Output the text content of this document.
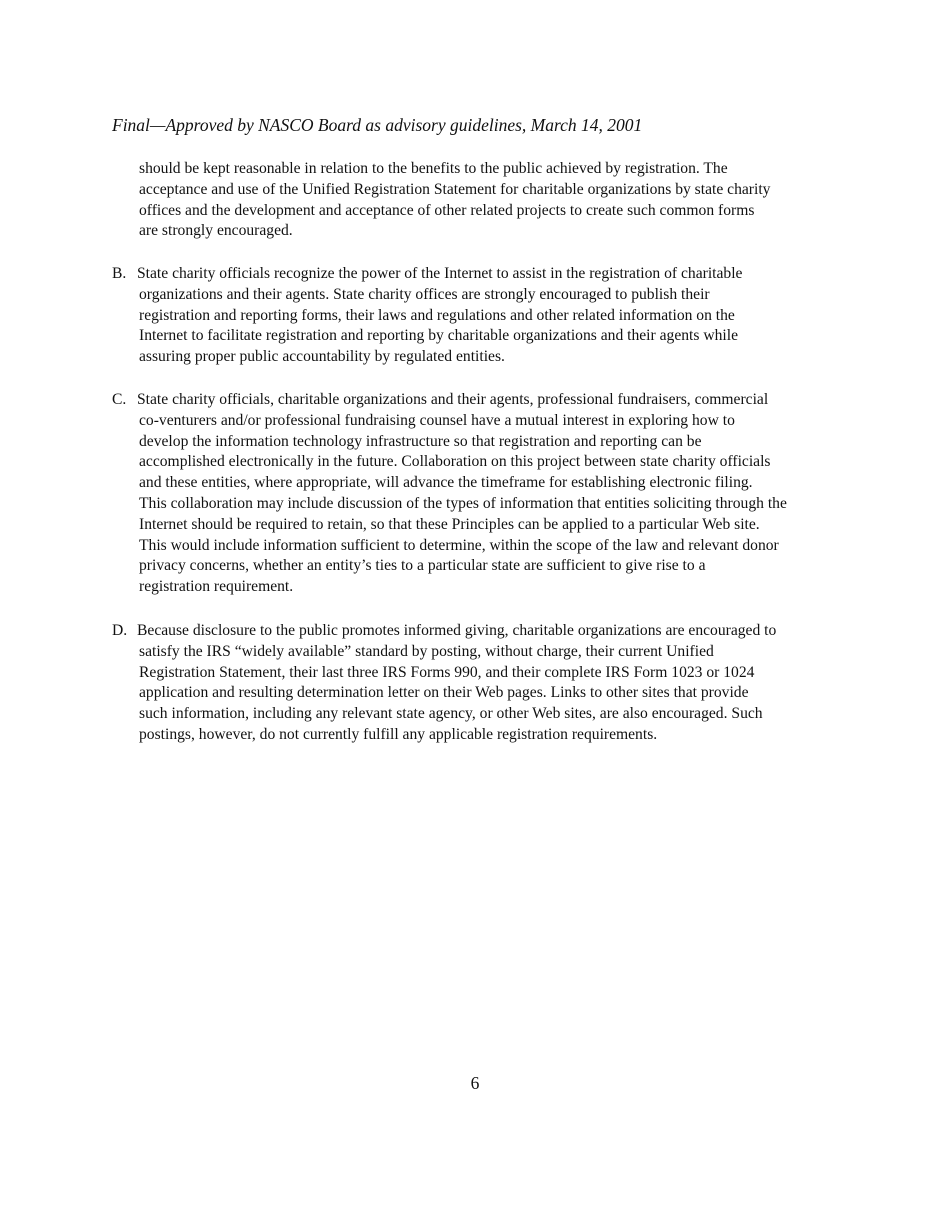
Final—Approved by NASCO Board as advisory guidelines, March 14, 2001
should be kept reasonable in relation to the benefits to the public achieved by registration. The
acceptance and use of the Unified Registration Statement for charitable organizations by state charity
offices and the development and acceptance of other related projects to create such common forms
are strongly encouraged.
B. State charity officials recognize the power of the Internet to assist in the registration of charitable
organizations and their agents. State charity offices are strongly encouraged to publish their
registration and reporting forms, their laws and regulations and other related information on the
Internet to facilitate registration and reporting by charitable organizations and their agents while
assuring proper public accountability by regulated entities.
C. State charity officials, charitable organizations and their agents, professional fundraisers, commercial
co-venturers and/or professional fundraising counsel have a mutual interest in exploring how to
develop the information technology infrastructure so that registration and reporting can be
accomplished electronically in the future. Collaboration on this project between state charity officials
and these entities, where appropriate, will advance the timeframe for establishing electronic filing.
This collaboration may include discussion of the types of information that entities soliciting through the
Internet should be required to retain, so that these Principles can be applied to a particular Web site.
This would include information sufficient to determine, within the scope of the law and relevant donor
privacy concerns, whether an entity’s ties to a particular state are sufficient to give rise to a
registration requirement.
D. Because disclosure to the public promotes informed giving, charitable organizations are encouraged to
satisfy the IRS “widely available” standard by posting, without charge, their current Unified
Registration Statement, their last three IRS Forms 990, and their complete IRS Form 1023 or 1024
application and resulting determination letter on their Web pages. Links to other sites that provide
such information, including any relevant state agency, or other Web sites, are also encouraged. Such
postings, however, do not currently fulfill any applicable registration requirements.
6
